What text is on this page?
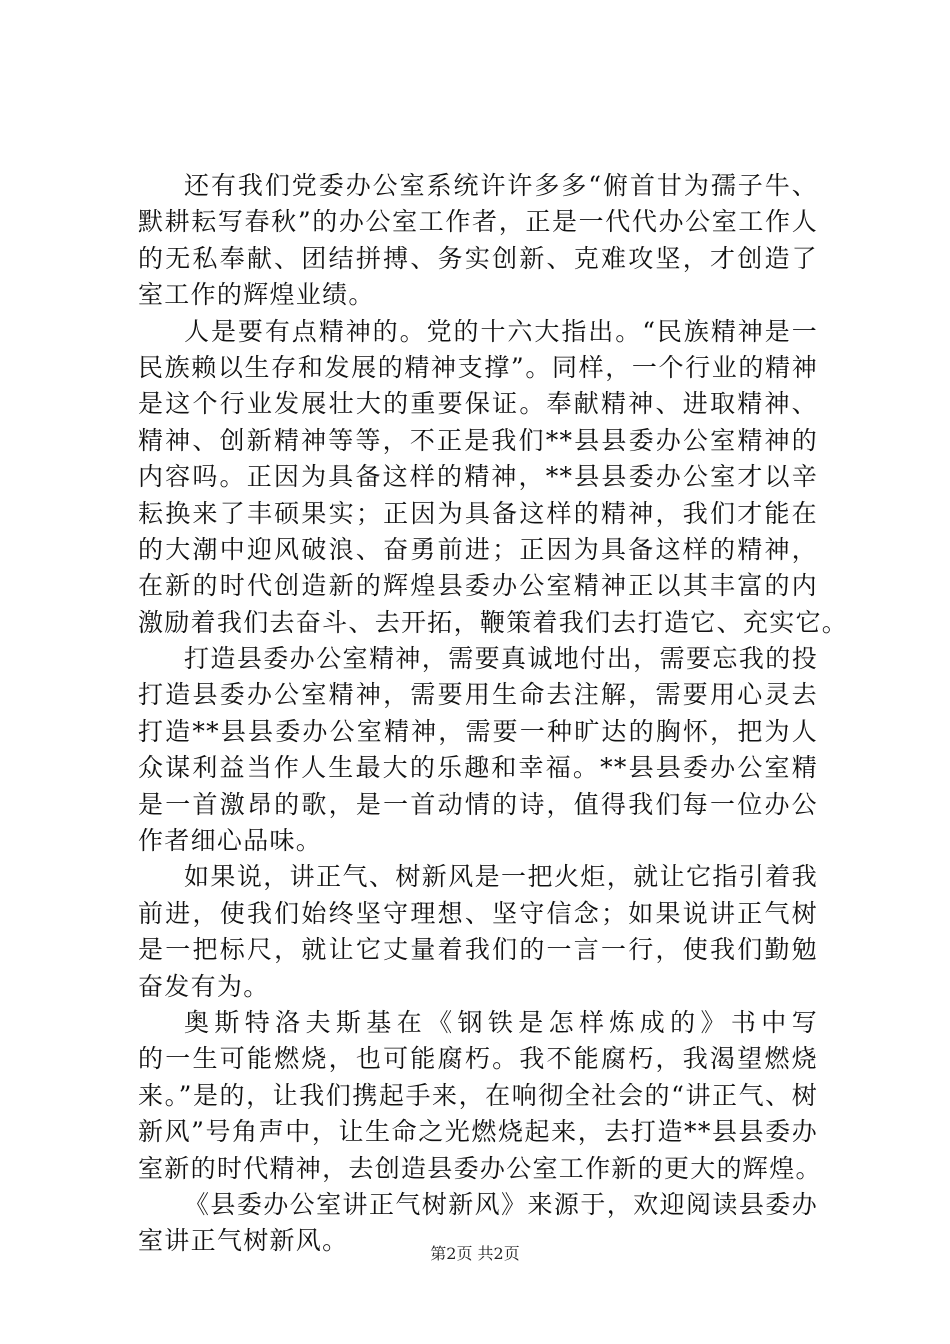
还有我们党委办公室系统许许多多“俯首甘为孺子牛、
默耕耘写春秋”的办公室工作者，正是一代代办公室工作人
的无私奉献、团结拼搏、务实创新、克难攻坚，才创造了
室工作的辉煌业绩。
人是要有点精神的。党的十六大指出。“民族精神是一
民族赖以生存和发展的精神支撑”。同样，一个行业的精神
是这个行业发展壮大的重要保证。奉献精神、进取精神、
精神、创新精神等等，不正是我们**县县委办公室精神的
内容吗。正因为具备这样的精神，**县县委办公室才以辛
耘换来了丰硕果实；正因为具备这样的精神，我们才能在
的大潮中迎风破浪、奋勇前进；正因为具备这样的精神，
在新的时代创造新的辉煌县委办公室精神正以其丰富的内
激励着我们去奋斗、去开拓，鞭策着我们去打造它、充实它。
打造县委办公室精神，需要真诚地付出，需要忘我的投
打造县委办公室精神，需要用生命去注解，需要用心灵去
打造**县县委办公室精神，需要一种旷达的胸怀，把为人
众谋利益当作人生最大的乐趣和幸福。**县县委办公室精
是一首激昂的歌，是一首动情的诗，值得我们每一位办公
作者细心品味。
如果说，讲正气、树新风是一把火炬，就让它指引着我
前进，使我们始终坚守理想、坚守信念；如果说讲正气树
是一把标尺，就让它丈量着我们的一言一行，使我们勤勉
奋发有为。
奥斯特洛夫斯基在《钢铁是怎样炼成的》书中写
的一生可能燃烧，也可能腐朽。我不能腐朽，我渴望燃烧
来。”是的，让我们携起手来，在响彻全社会的“讲正气、树
新风”号角声中，让生命之光燃烧起来，去打造**县县委办
室新的时代精神，去创造县委办公室工作新的更大的辉煌。
《县委办公室讲正气树新风》来源于，欢迎阅读县委办
室讲正气树新风。	第2页 共2页
